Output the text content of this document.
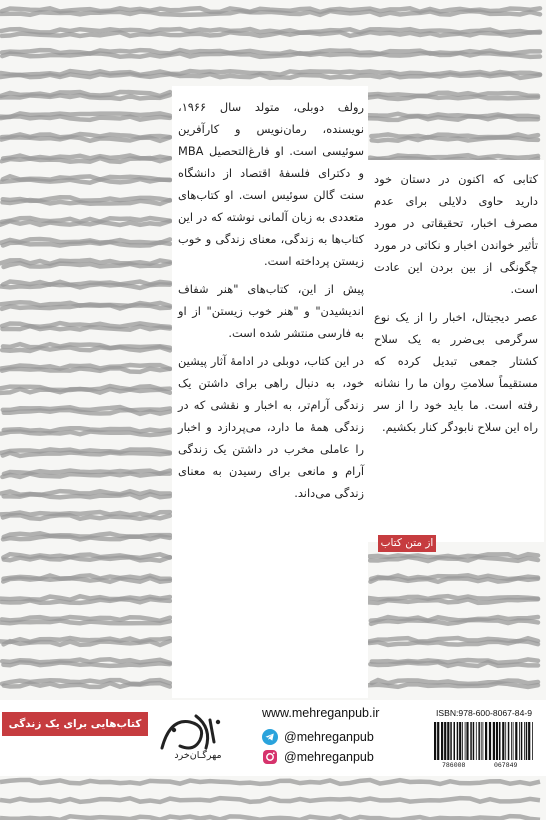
رولف دوبلی، متولد سال ۱۹۶۶، نویسنده، رمان‌نویس و کارآفرین سوئیسی است. او فارغ‌التحصیل MBA و دکترای فلسفهٔ اقتصاد از دانشگاه سنت گالن سوئیس است. او کتاب‌های متعددی به زبان آلمانی نوشته که در این کتاب‌ها به زندگی، معنای زندگی و خوب زیستن پرداخته است.

پیش از این، کتاب‌های "هنر شفاف اندیشیدن" و "هنر خوب زیستن" از او به فارسی منتشر شده است.

در این کتاب، دوبلی در ادامهٔ آثار پیشین خود، به دنبال راهی برای داشتن یک زندگی آرام‌تر، به اخبار و نقشی که در زندگی همهٔ ما دارد، می‌پردازد و اخبار را عاملی مخرب در داشتن یک زندگی آرام و مانعی برای رسیدن به معنای زندگی می‌داند.

کتابی که اکنون در دستان خود دارید حاوی دلایلی برای عدم مصرف اخبار، تحقیقاتی در مورد تأثیر خواندن اخبار و نکاتی در مورد چگونگی از بین بردن این عادت است.

عصر دیجیتال، اخبار را از یک نوع سرگرمی بی‌ضرر به یک سلاح کشتار جمعی تبدیل کرده که مستقیماً سلامتِ روان ما را نشانه رفته است. ما باید خود را از سر راه این سلاح نابودگر کنار بکشیم.

از متن کتاب
کتاب‌هایی برای یک زندگی بهتر
مهرگـان‌خرد
www.mehreganpub.ir
@mehreganpub
@mehreganpub
ISBN:978-600-8067-84-9
786008	067849
